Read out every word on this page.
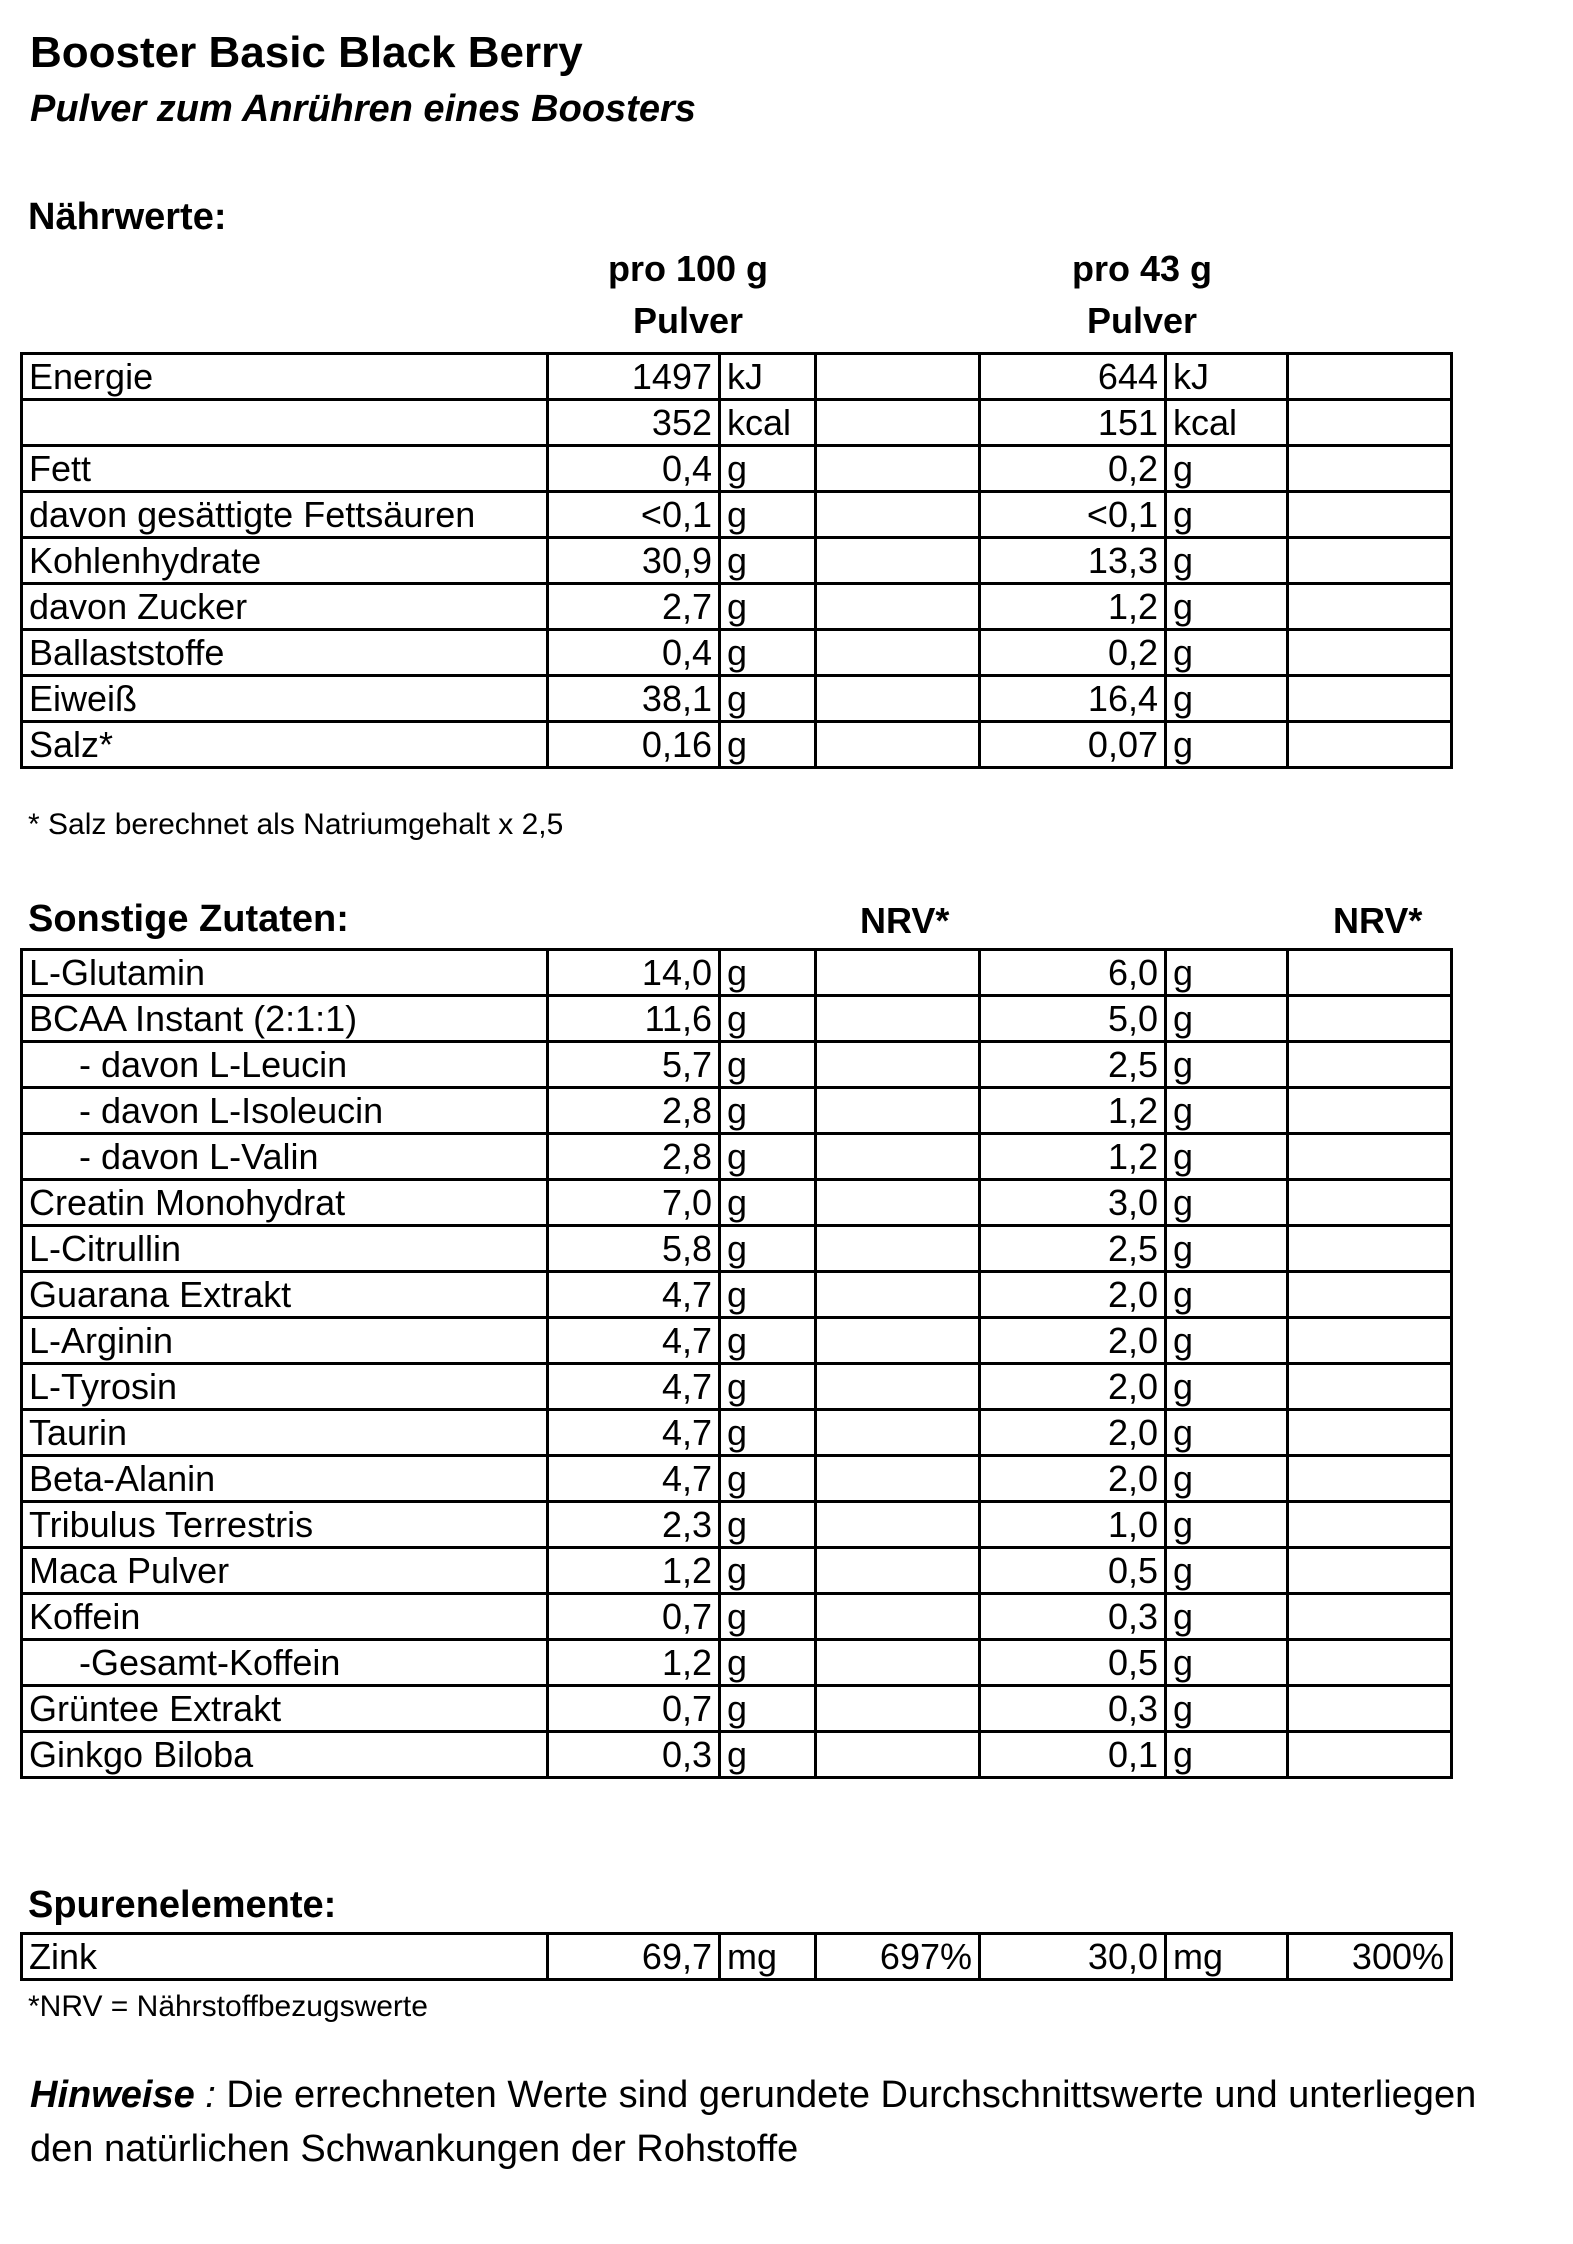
Booster Basic Black Berry
Pulver zum Anrühren eines Boosters
Nährwerte:
pro 100 g
Pulver
pro 43 g
Pulver
Energie	1497	kJ		644	kJ	
	352	kcal		151	kcal	
Fett	0,4	g		0,2	g	
davon gesättigte Fettsäuren	<0,1	g		<0,1	g	
Kohlenhydrate	30,9	g		13,3	g	
davon Zucker	2,7	g		1,2	g	
Ballaststoffe	0,4	g		0,2	g	
Eiweiß	38,1	g		16,4	g	
Salz*	0,16	g		0,07	g	
* Salz berechnet als Natriumgehalt x 2,5
Sonstige Zutaten:	NRV*	NRV*
L-Glutamin	14,0	g		6,0	g	
BCAA Instant (2:1:1)	11,6	g		5,0	g	
- davon L-Leucin	5,7	g		2,5	g	
- davon L-Isoleucin	2,8	g		1,2	g	
- davon L-Valin	2,8	g		1,2	g	
Creatin Monohydrat	7,0	g		3,0	g	
L-Citrullin	5,8	g		2,5	g	
Guarana Extrakt	4,7	g		2,0	g	
L-Arginin	4,7	g		2,0	g	
L-Tyrosin	4,7	g		2,0	g	
Taurin	4,7	g		2,0	g	
Beta-Alanin	4,7	g		2,0	g	
Tribulus Terrestris	2,3	g		1,0	g	
Maca Pulver	1,2	g		0,5	g	
Koffein	0,7	g		0,3	g	
-Gesamt-Koffein	1,2	g		0,5	g	
Grüntee Extrakt	0,7	g		0,3	g	
Ginkgo Biloba	0,3	g		0,1	g	
Spurenelemente:
Zink	69,7	mg	697%	30,0	mg	300%
*NRV = Nährstoffbezugswerte
Hinweise : Die errechneten Werte sind gerundete Durchschnittswerte und unterliegen den natürlichen Schwankungen der Rohstoffe
